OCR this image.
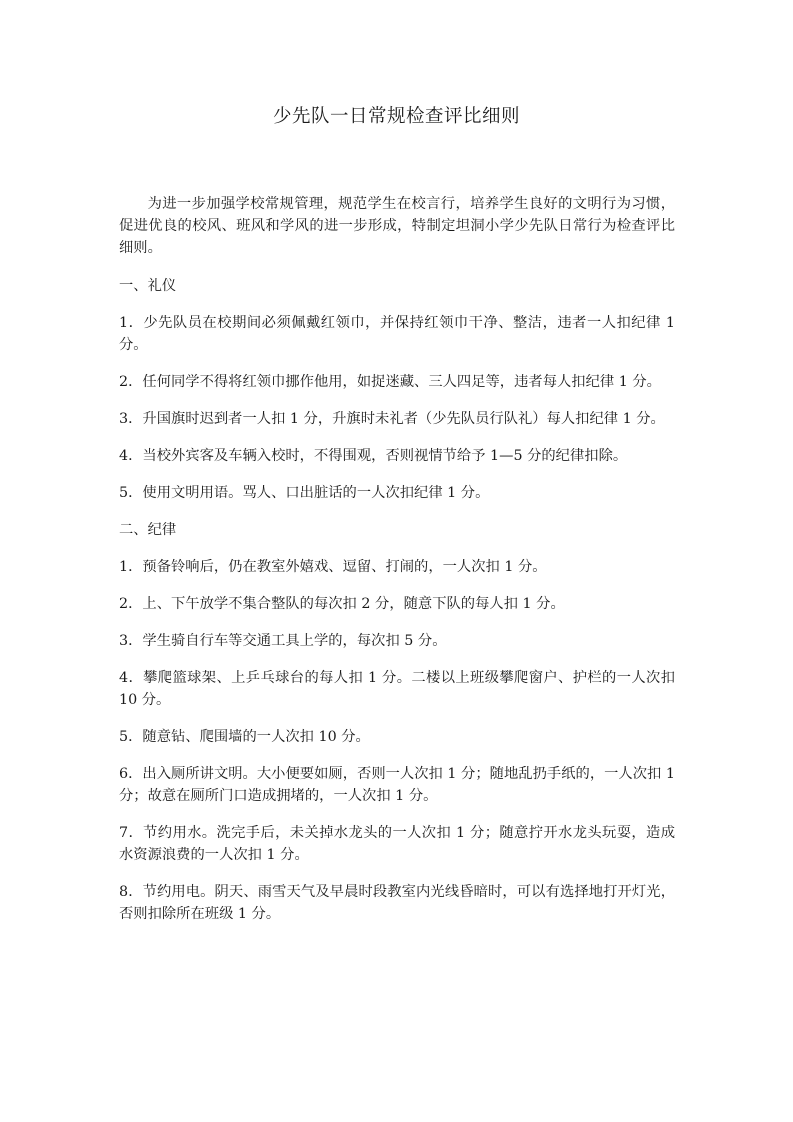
少先队一日常规检查评比细则

为进一步加强学校常规管理，规范学生在校言行，培养学生良好的文明行为习惯，促进优良的校风、班风和学风的进一步形成，特制定坦洞小学少先队日常行为检查评比细则。

一、礼仪

1．少先队员在校期间必须佩戴红领巾，并保持红领巾干净、整洁，违者一人扣纪律 1 分。

2．任何同学不得将红领巾挪作他用，如捉迷藏、三人四足等，违者每人扣纪律 1 分。

3．升国旗时迟到者一人扣 1 分，升旗时未礼者（少先队员行队礼）每人扣纪律 1 分。

4．当校外宾客及车辆入校时，不得围观，否则视情节给予 1—5 分的纪律扣除。

5．使用文明用语。骂人、口出脏话的一人次扣纪律 1 分。

二、纪律

1．预备铃响后，仍在教室外嬉戏、逗留、打闹的，一人次扣 1 分。

2．上、下午放学不集合整队的每次扣 2 分，随意下队的每人扣 1 分。

3．学生骑自行车等交通工具上学的，每次扣 5 分。

4．攀爬篮球架、上乒乓球台的每人扣 1 分。二楼以上班级攀爬窗户、护栏的一人次扣 10 分。

5．随意钻、爬围墙的一人次扣 10 分。

6．出入厕所讲文明。大小便要如厕，否则一人次扣 1 分；随地乱扔手纸的，一人次扣 1 分；故意在厕所门口造成拥堵的，一人次扣 1 分。

7．节约用水。洗完手后，未关掉水龙头的一人次扣 1 分；随意拧开水龙头玩耍，造成水资源浪费的一人次扣 1 分。

8．节约用电。阴天、雨雪天气及早晨时段教室内光线昏暗时，可以有选择地打开灯光，否则扣除所在班级 1 分。
